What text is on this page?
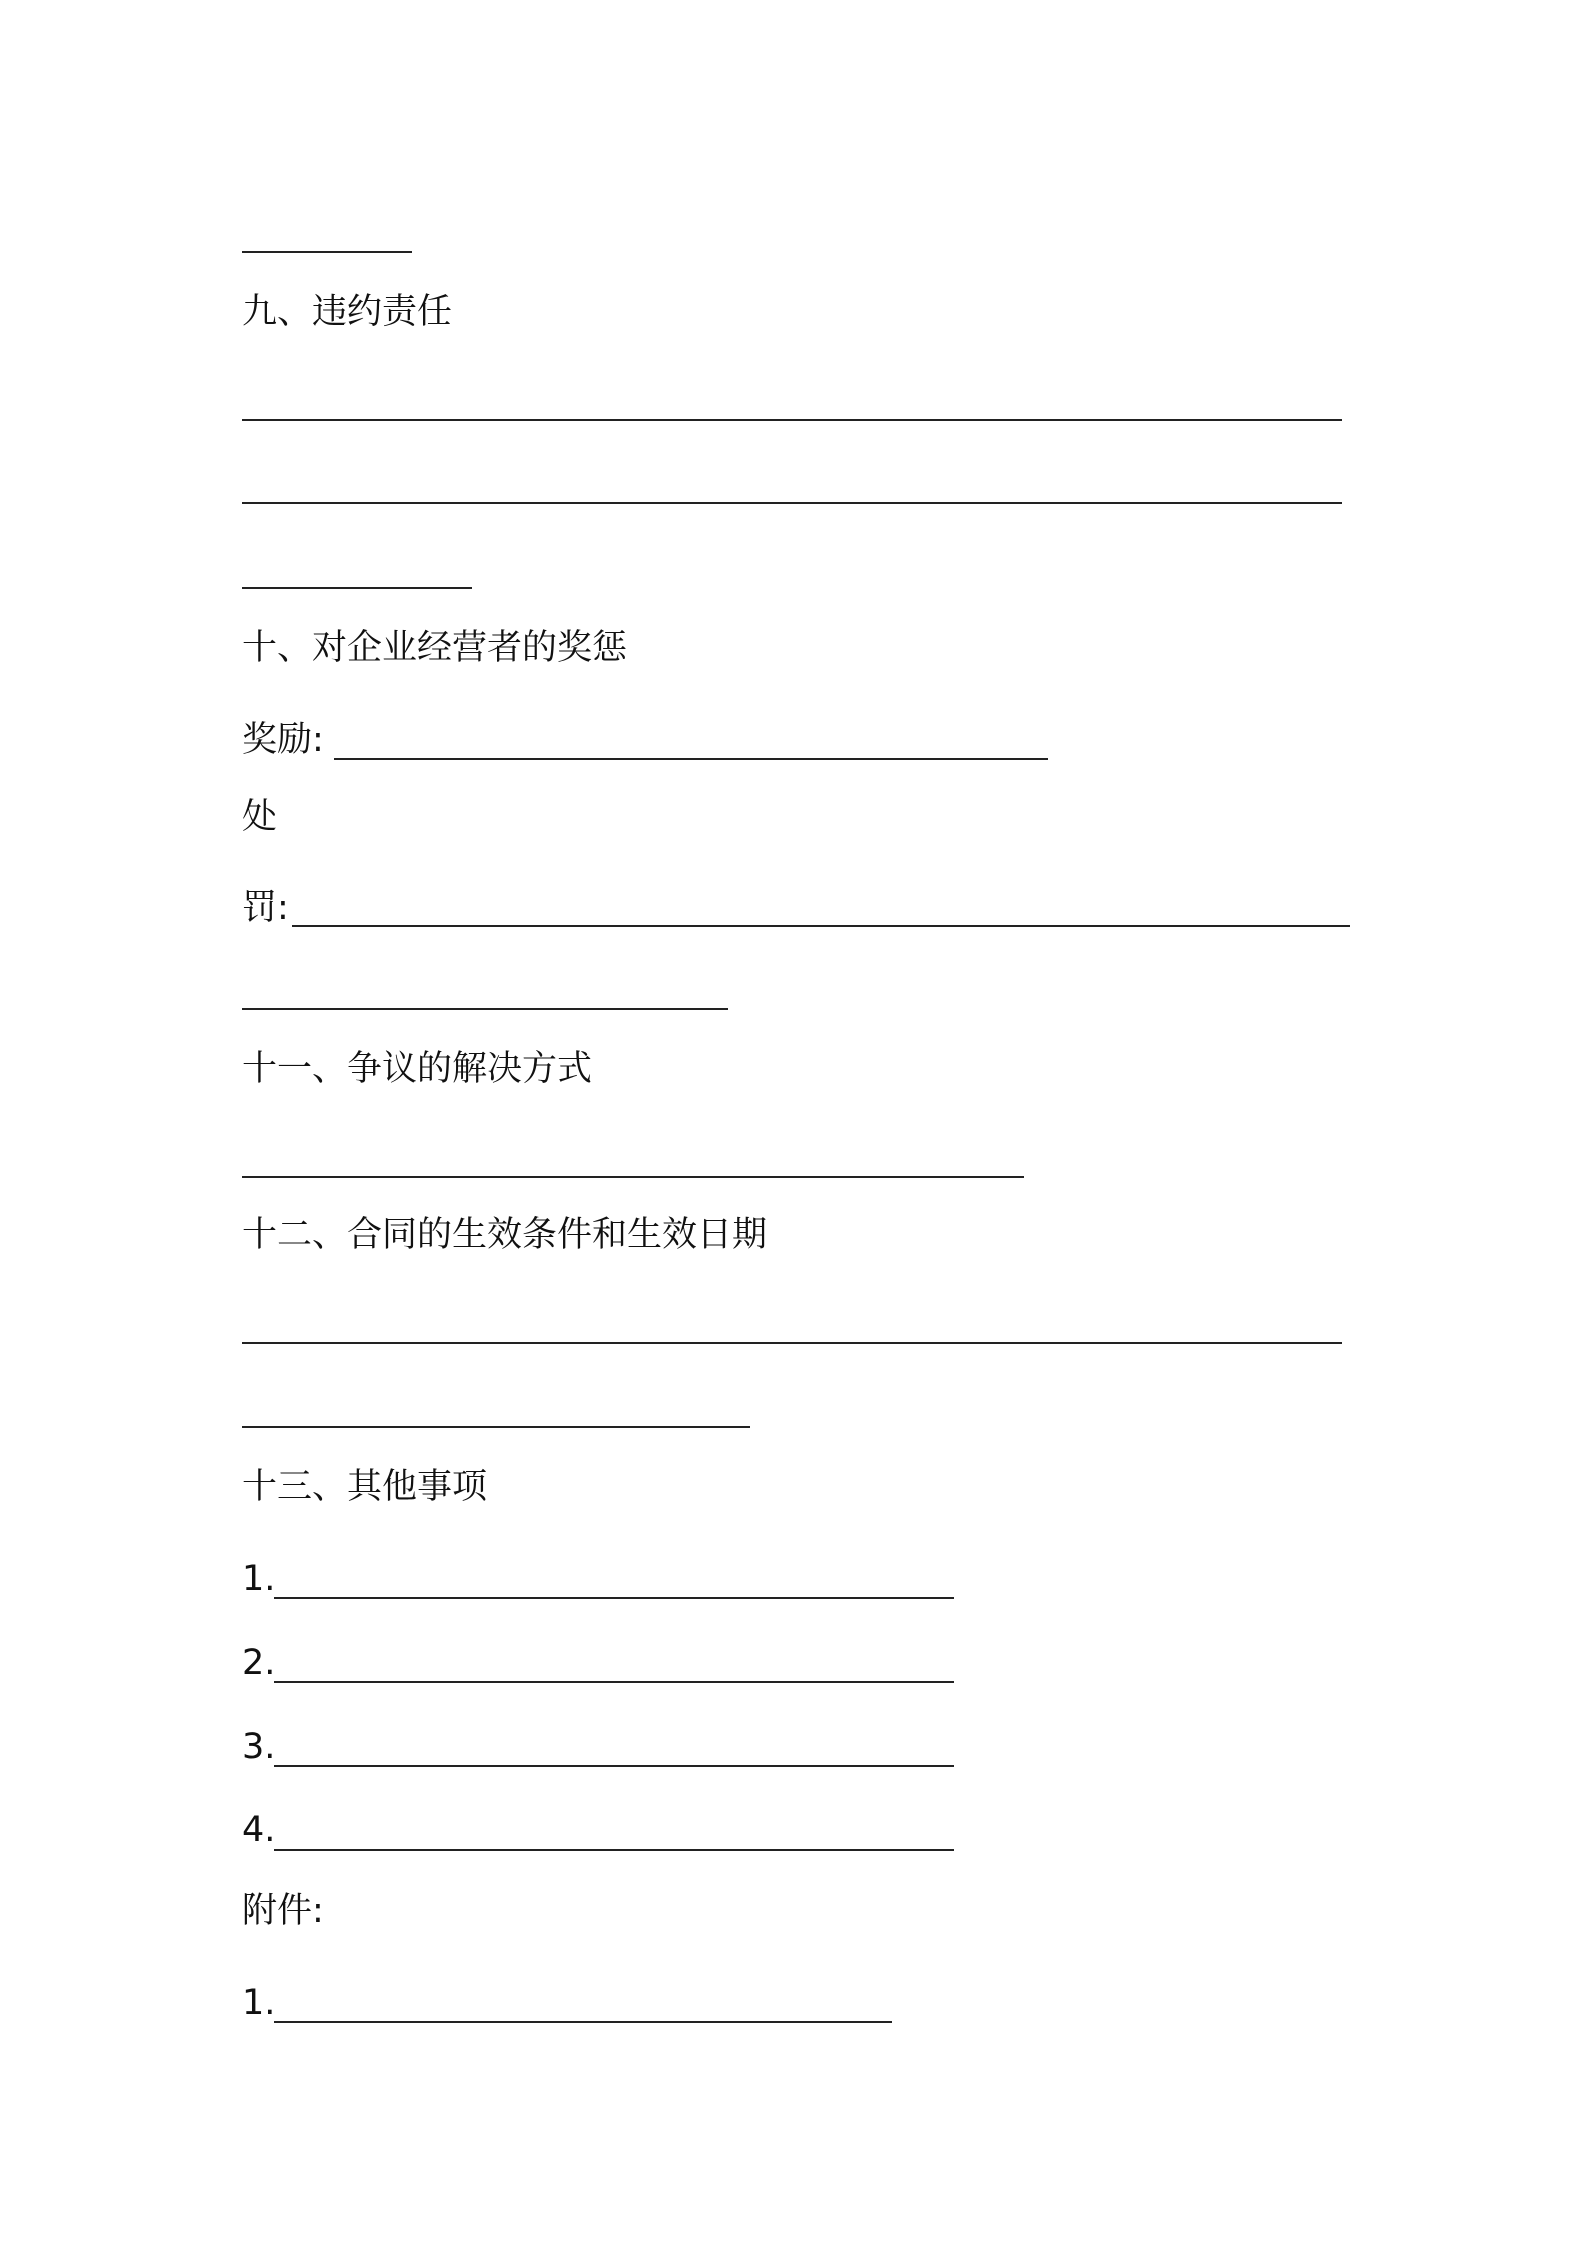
九、违约责任
十、对企业经营者的奖惩
奖励:
处
罚:
十一、争议的解决方式
十二、合同的生效条件和生效日期
十三、其他事项
1.
2.
3.
4.
附件:
1.
